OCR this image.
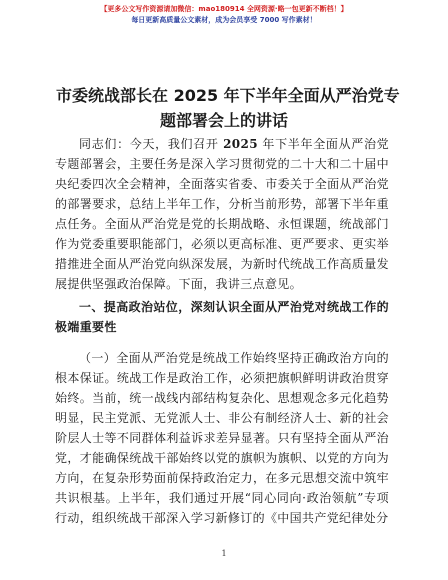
【更多公文写作资源请加微信：mao180914 全网资源·略一包更新不断档！】
每日更新高质量公文素材，成为会员享受 7000 写作素材！
市委统战部长在 2025 年下半年全面从严治党专
题部署会上的讲话

同志们：今天，我们召开 2025 年下半年全面从严治党专题部署会，主要任务是深入学习贯彻党的二十大和二十届中央纪委四次全会精神，全面落实省委、市委关于全面从严治党的部署要求，总结上半年工作，分析当前形势，部署下半年重点任务。全面从严治党是党的长期战略、永恒课题，统战部门作为党委重要职能部门，必须以更高标准、更严要求、更实举措推进全面从严治党向纵深发展，为新时代统战工作高质量发展提供坚强政治保障。下面，我讲三点意见。

一、提高政治站位，深刻认识全面从严治党对统战工作的极端重要性

（一）全面从严治党是统战工作始终坚持正确政治方向的根本保证。统战工作是政治工作，必须把旗帜鲜明讲政治贯穿始终。当前，统一战线内部结构复杂化、思想观念多元化趋势明显，民主党派、无党派人士、非公有制经济人士、新的社会阶层人士等不同群体利益诉求差异显著。只有坚持全面从严治党，才能确保统战干部始终以党的旗帜为旗帜、以党的方向为方向，在复杂形势面前保持政治定力，在多元思想交流中筑牢共识根基。上半年，我们通过开展“同心同向·政治领航”专项行动，组织统战干部深入学习新修订的《中国共产党纪律处分

1
